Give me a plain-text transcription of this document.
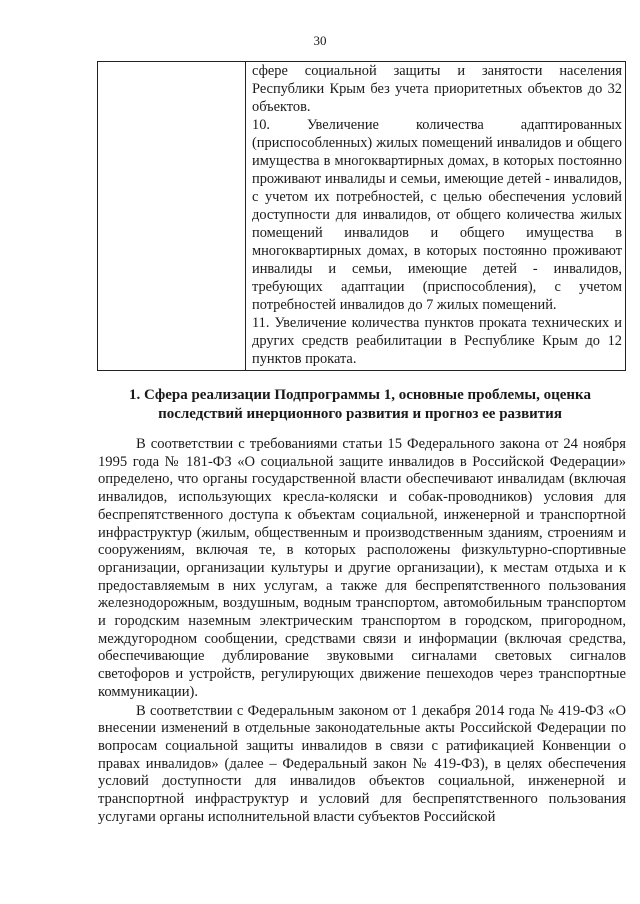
30

сфере социальной защиты и занятости населения Республики Крым без учета приоритетных объектов до 32 объектов.

10. Увеличение количества адаптированных (приспособленных) жилых помещений инвалидов и общего имущества в многоквартирных домах, в которых постоянно проживают инвалиды и семьи, имеющие детей - инвалидов, с учетом их потребностей, с целью обеспечения условий доступности для инвалидов, от общего количества жилых помещений инвалидов и общего имущества в многоквартирных домах, в которых постоянно проживают инвалиды и семьи, имеющие детей - инвалидов, требующих адаптации (приспособления), с учетом потребностей инвалидов до 7 жилых помещений.

11. Увеличение количества пунктов проката технических и других средств реабилитации в Республике Крым до 12 пунктов проката.

1. Сфера реализации Подпрограммы 1, основные проблемы, оценка последствий инерционного развития и прогноз ее развития

В соответствии с требованиями статьи 15 Федерального закона от 24 ноября 1995 года № 181-ФЗ «О социальной защите инвалидов в Российской Федерации» определено, что органы государственной власти обеспечивают инвалидам (включая инвалидов, использующих кресла-коляски и собак-проводников) условия для беспрепятственного доступа к объектам социальной, инженерной и транспортной инфраструктур (жилым, общественным и производственным зданиям, строениям и сооружениям, включая те, в которых расположены физкультурно-спортивные организации, организации культуры и другие организации), к местам отдыха и к предоставляемым в них услугам, а также для беспрепятственного пользования железнодорожным, воздушным, водным транспортом, автомобильным транспортом и городским наземным электрическим транспортом в городском, пригородном, междугородном сообщении, средствами связи и информации (включая средства, обеспечивающие дублирование звуковыми сигналами световых сигналов светофоров и устройств, регулирующих движение пешеходов через транспортные коммуникации).

В соответствии с Федеральным законом от 1 декабря 2014 года № 419-ФЗ «О внесении изменений в отдельные законодательные акты Российской Федерации по вопросам социальной защиты инвалидов в связи с ратификацией Конвенции о правах инвалидов» (далее – Федеральный закон № 419-ФЗ), в целях обеспечения условий доступности для инвалидов объектов социальной, инженерной и транспортной инфраструктур и условий для беспрепятственного пользования услугами органы исполнительной власти субъектов Российской
